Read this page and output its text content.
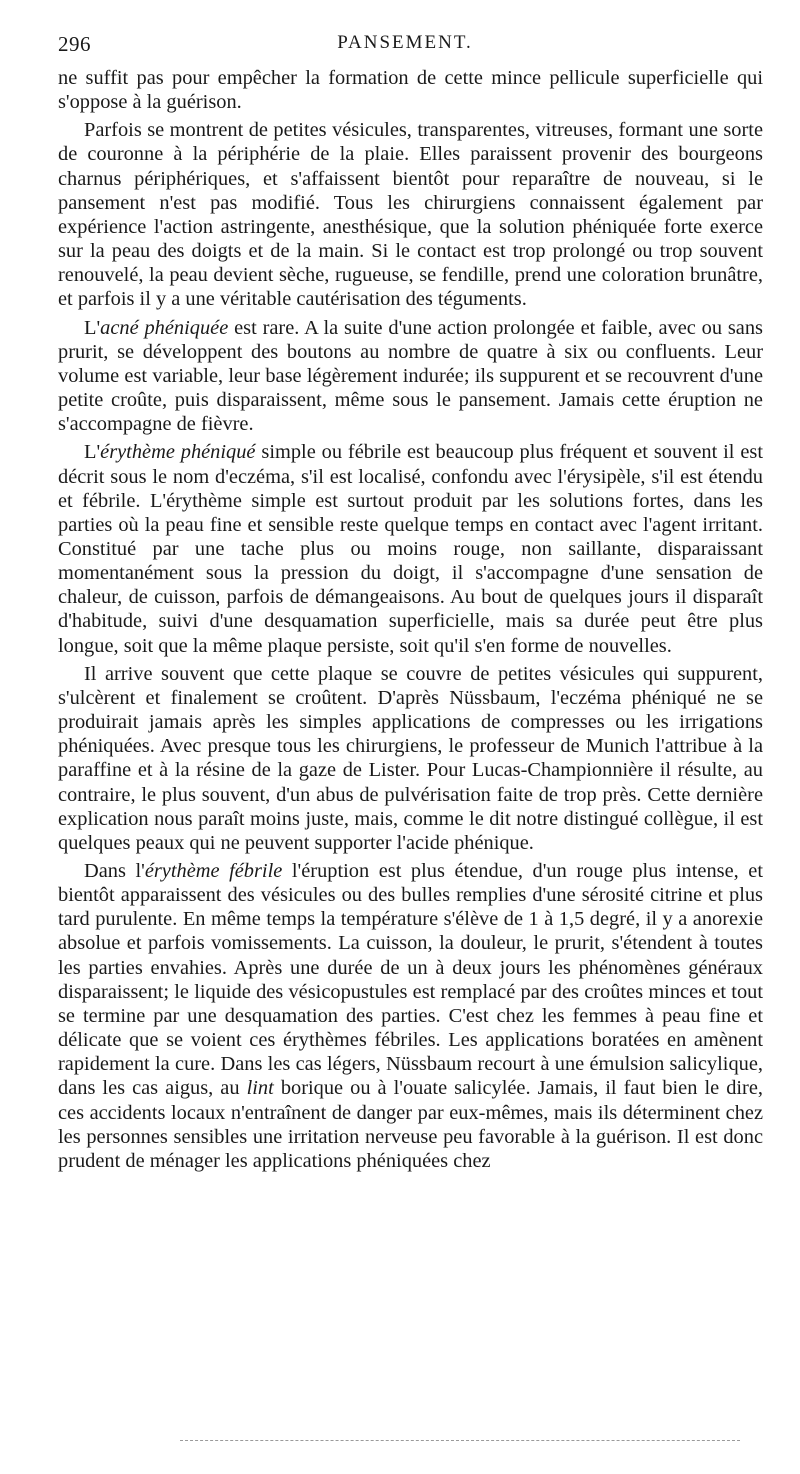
296	PANSEMENT.

ne suffit pas pour empêcher la formation de cette mince pellicule superficielle qui s'oppose à la guérison.

Parfois se montrent de petites vésicules, transparentes, vitreuses, formant une sorte de couronne à la périphérie de la plaie. Elles paraissent provenir des bourgeons charnus périphériques, et s'affaissent bientôt pour reparaître de nouveau, si le pansement n'est pas modifié. Tous les chirurgiens connaissent également par expérience l'action astringente, anesthésique, que la solution phéniquée forte exerce sur la peau des doigts et de la main. Si le contact est trop prolongé ou trop souvent renouvelé, la peau devient sèche, rugueuse, se fendille, prend une coloration brunâtre, et parfois il y a une véritable cautérisation des téguments.

L'acné phéniquée est rare. A la suite d'une action prolongée et faible, avec ou sans prurit, se développent des boutons au nombre de quatre à six ou confluents. Leur volume est variable, leur base légèrement indurée; ils suppurent et se recouvrent d'une petite croûte, puis disparaissent, même sous le pansement. Jamais cette éruption ne s'accompagne de fièvre.

L'érythème phéniqué simple ou fébrile est beaucoup plus fréquent et souvent il est décrit sous le nom d'eczéma, s'il est localisé, confondu avec l'érysipèle, s'il est étendu et fébrile. L'érythème simple est surtout produit par les solutions fortes, dans les parties où la peau fine et sensible reste quelque temps en contact avec l'agent irritant. Constitué par une tache plus ou moins rouge, non saillante, disparaissant momentanément sous la pression du doigt, il s'accompagne d'une sensation de chaleur, de cuisson, parfois de démangeaisons. Au bout de quelques jours il disparaît d'habitude, suivi d'une desquamation superficielle, mais sa durée peut être plus longue, soit que la même plaque persiste, soit qu'il s'en forme de nouvelles.

Il arrive souvent que cette plaque se couvre de petites vésicules qui suppurent, s'ulcèrent et finalement se croûtent. D'après Nüssbaum, l'eczéma phéniqué ne se produirait jamais après les simples applications de compresses ou les irrigations phéniquées. Avec presque tous les chirurgiens, le professeur de Munich l'attribue à la paraffine et à la résine de la gaze de Lister. Pour Lucas-Championnière il résulte, au contraire, le plus souvent, d'un abus de pulvérisation faite de trop près. Cette dernière explication nous paraît moins juste, mais, comme le dit notre distingué collègue, il est quelques peaux qui ne peuvent supporter l'acide phénique.

Dans l'érythème fébrile l'éruption est plus étendue, d'un rouge plus intense, et bientôt apparaissent des vésicules ou des bulles remplies d'une sérosité citrine et plus tard purulente. En même temps la température s'élève de 1 à 1,5 degré, il y a anorexie absolue et parfois vomissements. La cuisson, la douleur, le prurit, s'étendent à toutes les parties envahies. Après une durée de un à deux jours les phénomènes généraux disparaissent; le liquide des vésicopustules est remplacé par des croûtes minces et tout se termine par une desquamation des parties. C'est chez les femmes à peau fine et délicate que se voient ces érythèmes fébriles. Les applications boratées en amènent rapidement la cure. Dans les cas légers, Nüssbaum recourt à une émulsion salicylique, dans les cas aigus, au lint borique ou à l'ouate salicylée. Jamais, il faut bien le dire, ces accidents locaux n'entraînent de danger par eux-mêmes, mais ils déterminent chez les personnes sensibles une irritation nerveuse peu favorable à la guérison. Il est donc prudent de ménager les applications phéniquées chez
